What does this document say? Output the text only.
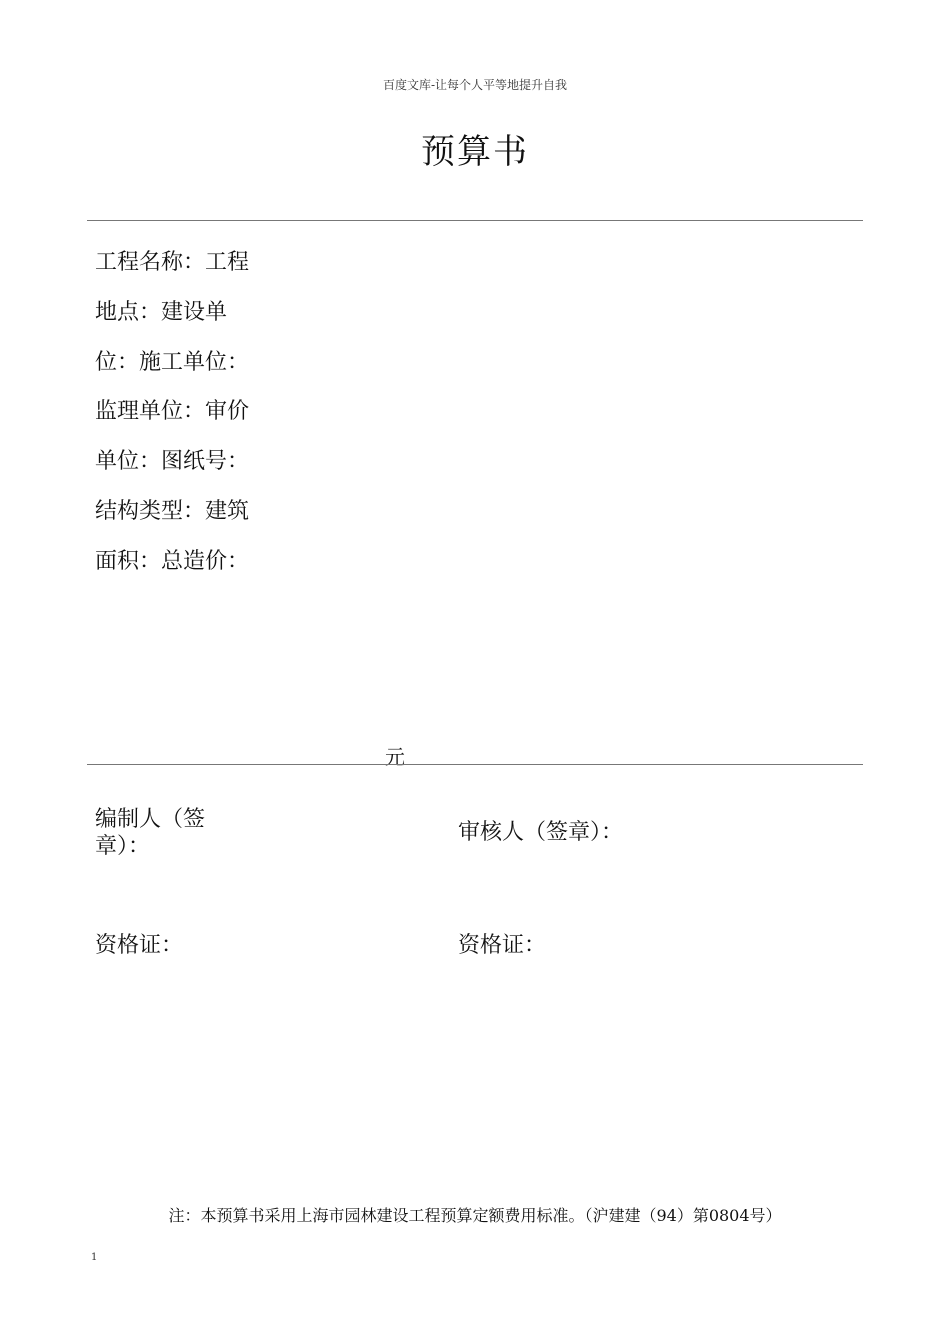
百度文库-让每个人平等地提升自我
预算书
工程名称：工程
地点：建设单
位：施工单位：
监理单位：审价
单位：图纸号：
结构类型：建筑
面积：总造价：
元
编制人（签
章）：
审核人（签章）：
资格证：	资格证：
注：本预算书采用上海市园林建设工程预算定额费用标准。（沪建建（94）第0804号）
1
